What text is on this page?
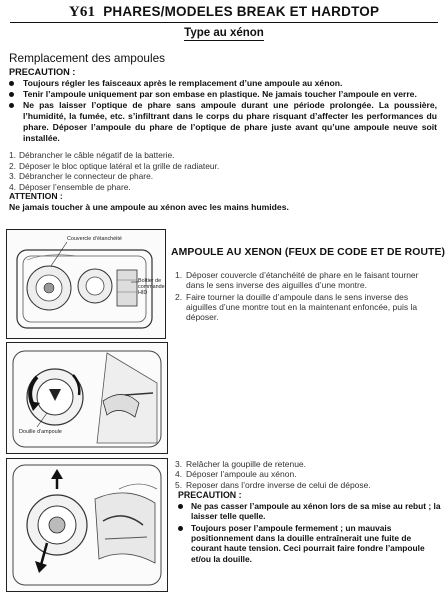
Y61 PHARES/MODELES BREAK ET HARDTOP
Type au xénon
Remplacement des ampoules
PRECAUTION :
Toujours régler les faisceaux après le remplacement d’une ampoule au xénon.
Tenir l’ampoule uniquement par son embase en plastique. Ne jamais toucher l’ampoule en verre.
Ne pas laisser l’optique de phare sans ampoule durant une période prolongée. La poussière, l’humidité, la fumée, etc. s’infiltrant dans le corps du phare risquant d’affecter les performances du phare. Déposer l’ampoule du phare de l’optique de phare juste avant qu’une ampoule neuve soit installée.
1. Débrancher le câble négatif de la batterie.
2. Déposer le bloc optique latéral et la grille de radiateur.
3. Débrancher le connecteur de phare.
4. Déposer l’ensemble de phare.
ATTENTION :
Ne jamais toucher à une ampoule au xénon avec les mains humides.
Couvercle d’étanchéité
Boîtier de
commande
HID
Douille d’ampoule
AMPOULE AU XENON (FEUX DE CODE ET DE ROUTE)
1. Déposer couvercle d’étanchéité de phare en le faisant tourner dans le sens inverse des aiguilles d’une montre.
2. Faire tourner la douille d’ampoule dans le sens inverse des aiguilles d’une montre tout en la maintenant enfoncée, puis la déposer.
3. Relâcher la goupille de retenue.
4. Déposer l’ampoule au xénon.
5. Reposer dans l’ordre inverse de celui de dépose.
PRECAUTION :
Ne pas casser l’ampoule au xénon lors de sa mise au rebut ; la laisser telle quelle.
Toujours poser l’ampoule fermement ; un mauvais positionnement dans la douille entraînerait une fuite de courant haute tension. Ceci pourrait faire fondre l’ampoule et/ou la douille.
